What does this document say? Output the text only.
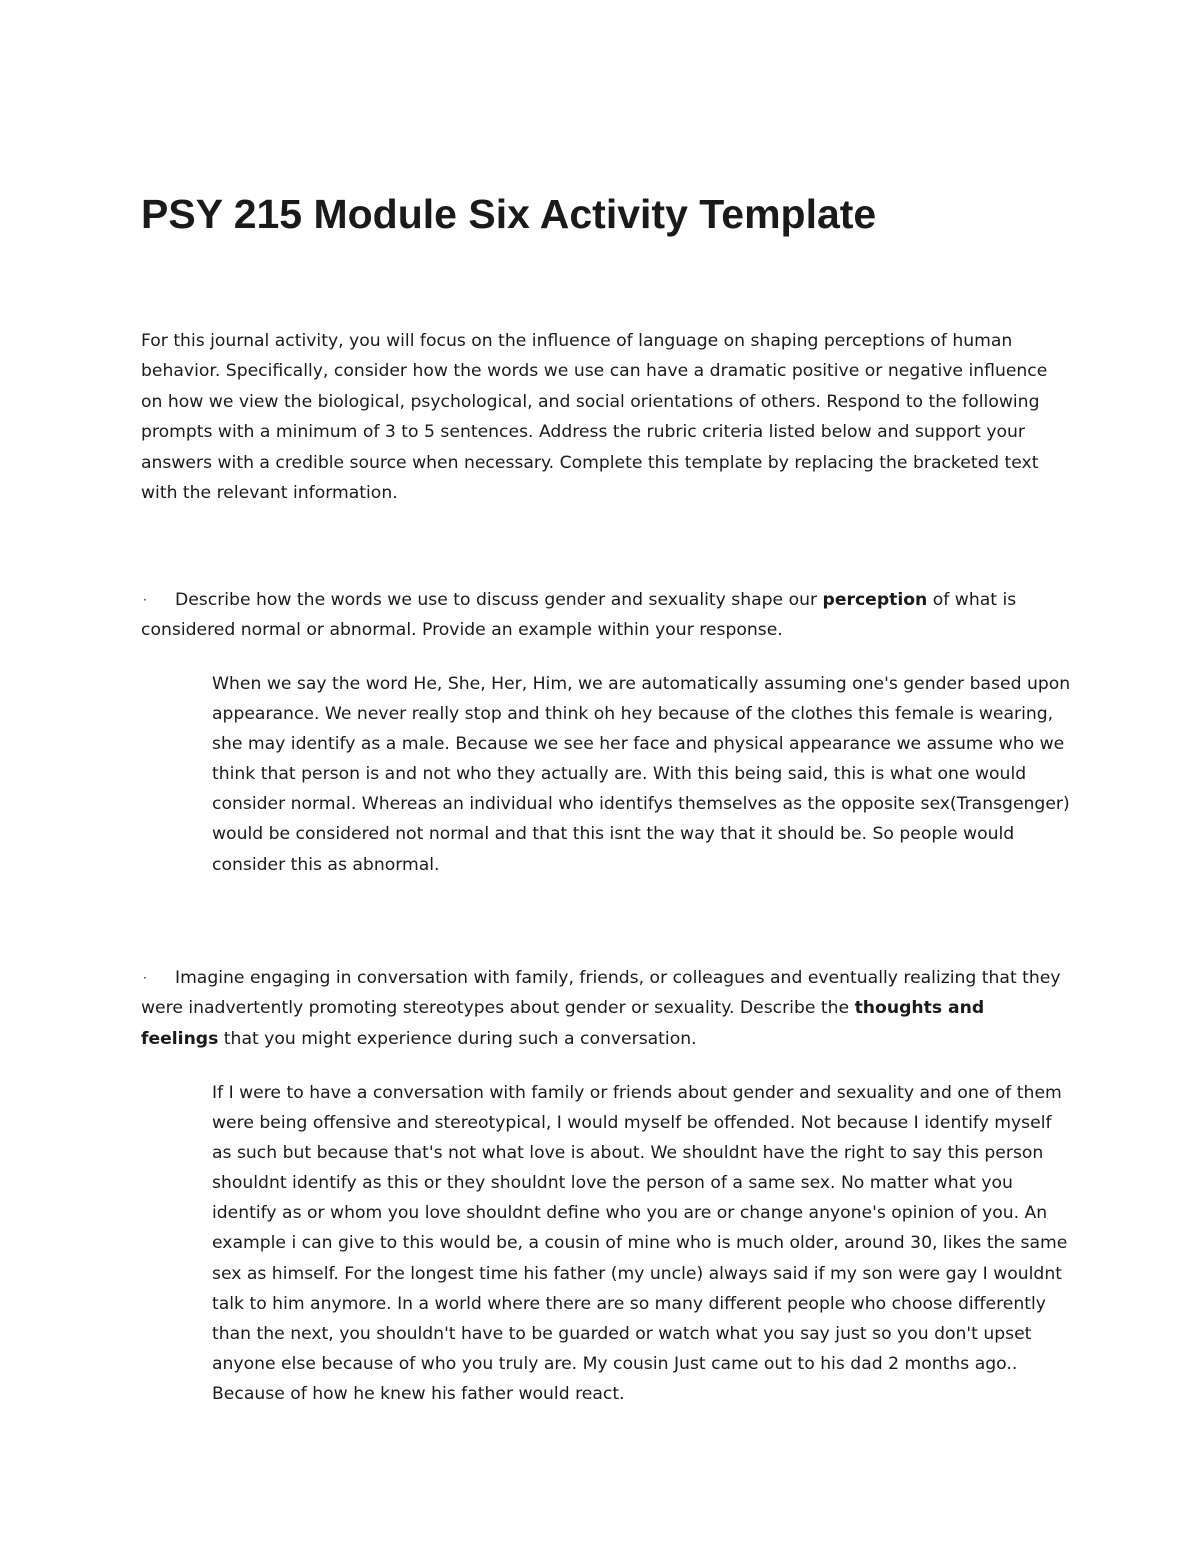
PSY 215 Module Six Activity Template

For this journal activity, you will focus on the influence of language on shaping perceptions of human behavior. Specifically, consider how the words we use can have a dramatic positive or negative influence on how we view the biological, psychological, and social orientations of others. Respond to the following prompts with a minimum of 3 to 5 sentences. Address the rubric criteria listed below and support your answers with a credible source when necessary. Complete this template by replacing the bracketed text with the relevant information.

· Describe how the words we use to discuss gender and sexuality shape our perception of what is considered normal or abnormal. Provide an example within your response.

When we say the word He, She, Her, Him, we are automatically assuming one's gender based upon appearance. We never really stop and think oh hey because of the clothes this female is wearing, she may identify as a male. Because we see her face and physical appearance we assume who we think that person is and not who they actually are. With this being said, this is what one would consider normal. Whereas an individual who identifys themselves as the opposite sex(Transgenger) would be considered not normal and that this isnt the way that it should be. So people would consider this as abnormal.

· Imagine engaging in conversation with family, friends, or colleagues and eventually realizing that they were inadvertently promoting stereotypes about gender or sexuality. Describe the thoughts and feelings that you might experience during such a conversation.

If I were to have a conversation with family or friends about gender and sexuality and one of them were being offensive and stereotypical, I would myself be offended. Not because I identify myself as such but because that's not what love is about. We shouldnt have the right to say this person shouldnt identify as this or they shouldnt love the person of a same sex. No matter what you identify as or whom you love shouldnt define who you are or change anyone's opinion of you. An example i can give to this would be, a cousin of mine who is much older, around 30, likes the same sex as himself. For the longest time his father (my uncle) always said if my son were gay I wouldnt talk to him anymore. In a world where there are so many different people who choose differently than the next, you shouldn't have to be guarded or watch what you say just so you don't upset anyone else because of who you truly are. My cousin Just came out to his dad 2 months ago.. Because of how he knew his father would react.
